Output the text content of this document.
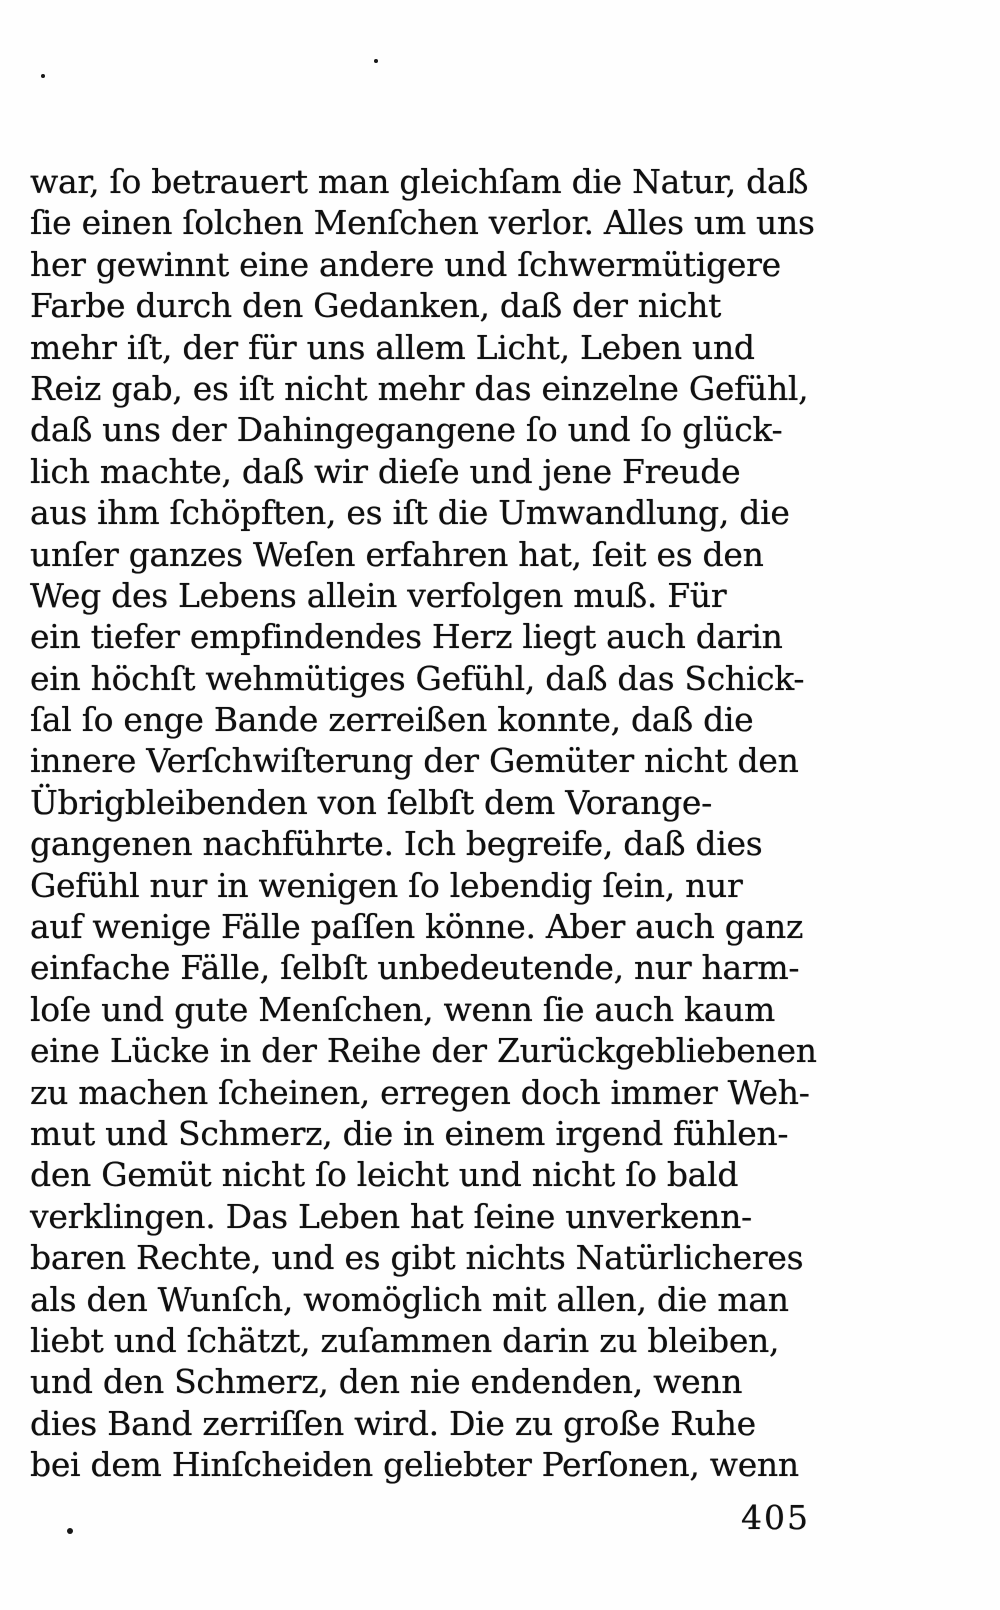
war, ſo betrauert man gleichſam die Natur, daß
ſie einen ſolchen Menſchen verlor. Alles um uns
her gewinnt eine andere und ſchwermütigere
Farbe durch den Gedanken, daß der nicht
mehr iſt, der für uns allem Licht, Leben und
Reiz gab, es iſt nicht mehr das einzelne Gefühl,
daß uns der Dahingegangene ſo und ſo glück-
lich machte, daß wir dieſe und jene Freude
aus ihm ſchöpften, es iſt die Umwandlung, die
unſer ganzes Weſen erfahren hat, ſeit es den
Weg des Lebens allein verfolgen muß. Für
ein tiefer empfindendes Herz liegt auch darin
ein höchſt wehmütiges Gefühl, daß das Schick-
ſal ſo enge Bande zerreißen konnte, daß die
innere Verſchwiſterung der Gemüter nicht den
Übrigbleibenden von ſelbſt dem Vorange-
gangenen nachführte. Ich begreife, daß dies
Gefühl nur in wenigen ſo lebendig ſein, nur
auf wenige Fälle paſſen könne. Aber auch ganz
einfache Fälle, ſelbſt unbedeutende, nur harm-
loſe und gute Menſchen, wenn ſie auch kaum
eine Lücke in der Reihe der Zurückgebliebenen
zu machen ſcheinen, erregen doch immer Weh-
mut und Schmerz, die in einem irgend fühlen-
den Gemüt nicht ſo leicht und nicht ſo bald
verklingen. Das Leben hat ſeine unverkenn-
baren Rechte, und es gibt nichts Natürlicheres
als den Wunſch, womöglich mit allen, die man
liebt und ſchätzt, zuſammen darin zu bleiben,
und den Schmerz, den nie endenden, wenn
dies Band zerriſſen wird. Die zu große Ruhe
bei dem Hinſcheiden geliebter Perſonen, wenn
405
